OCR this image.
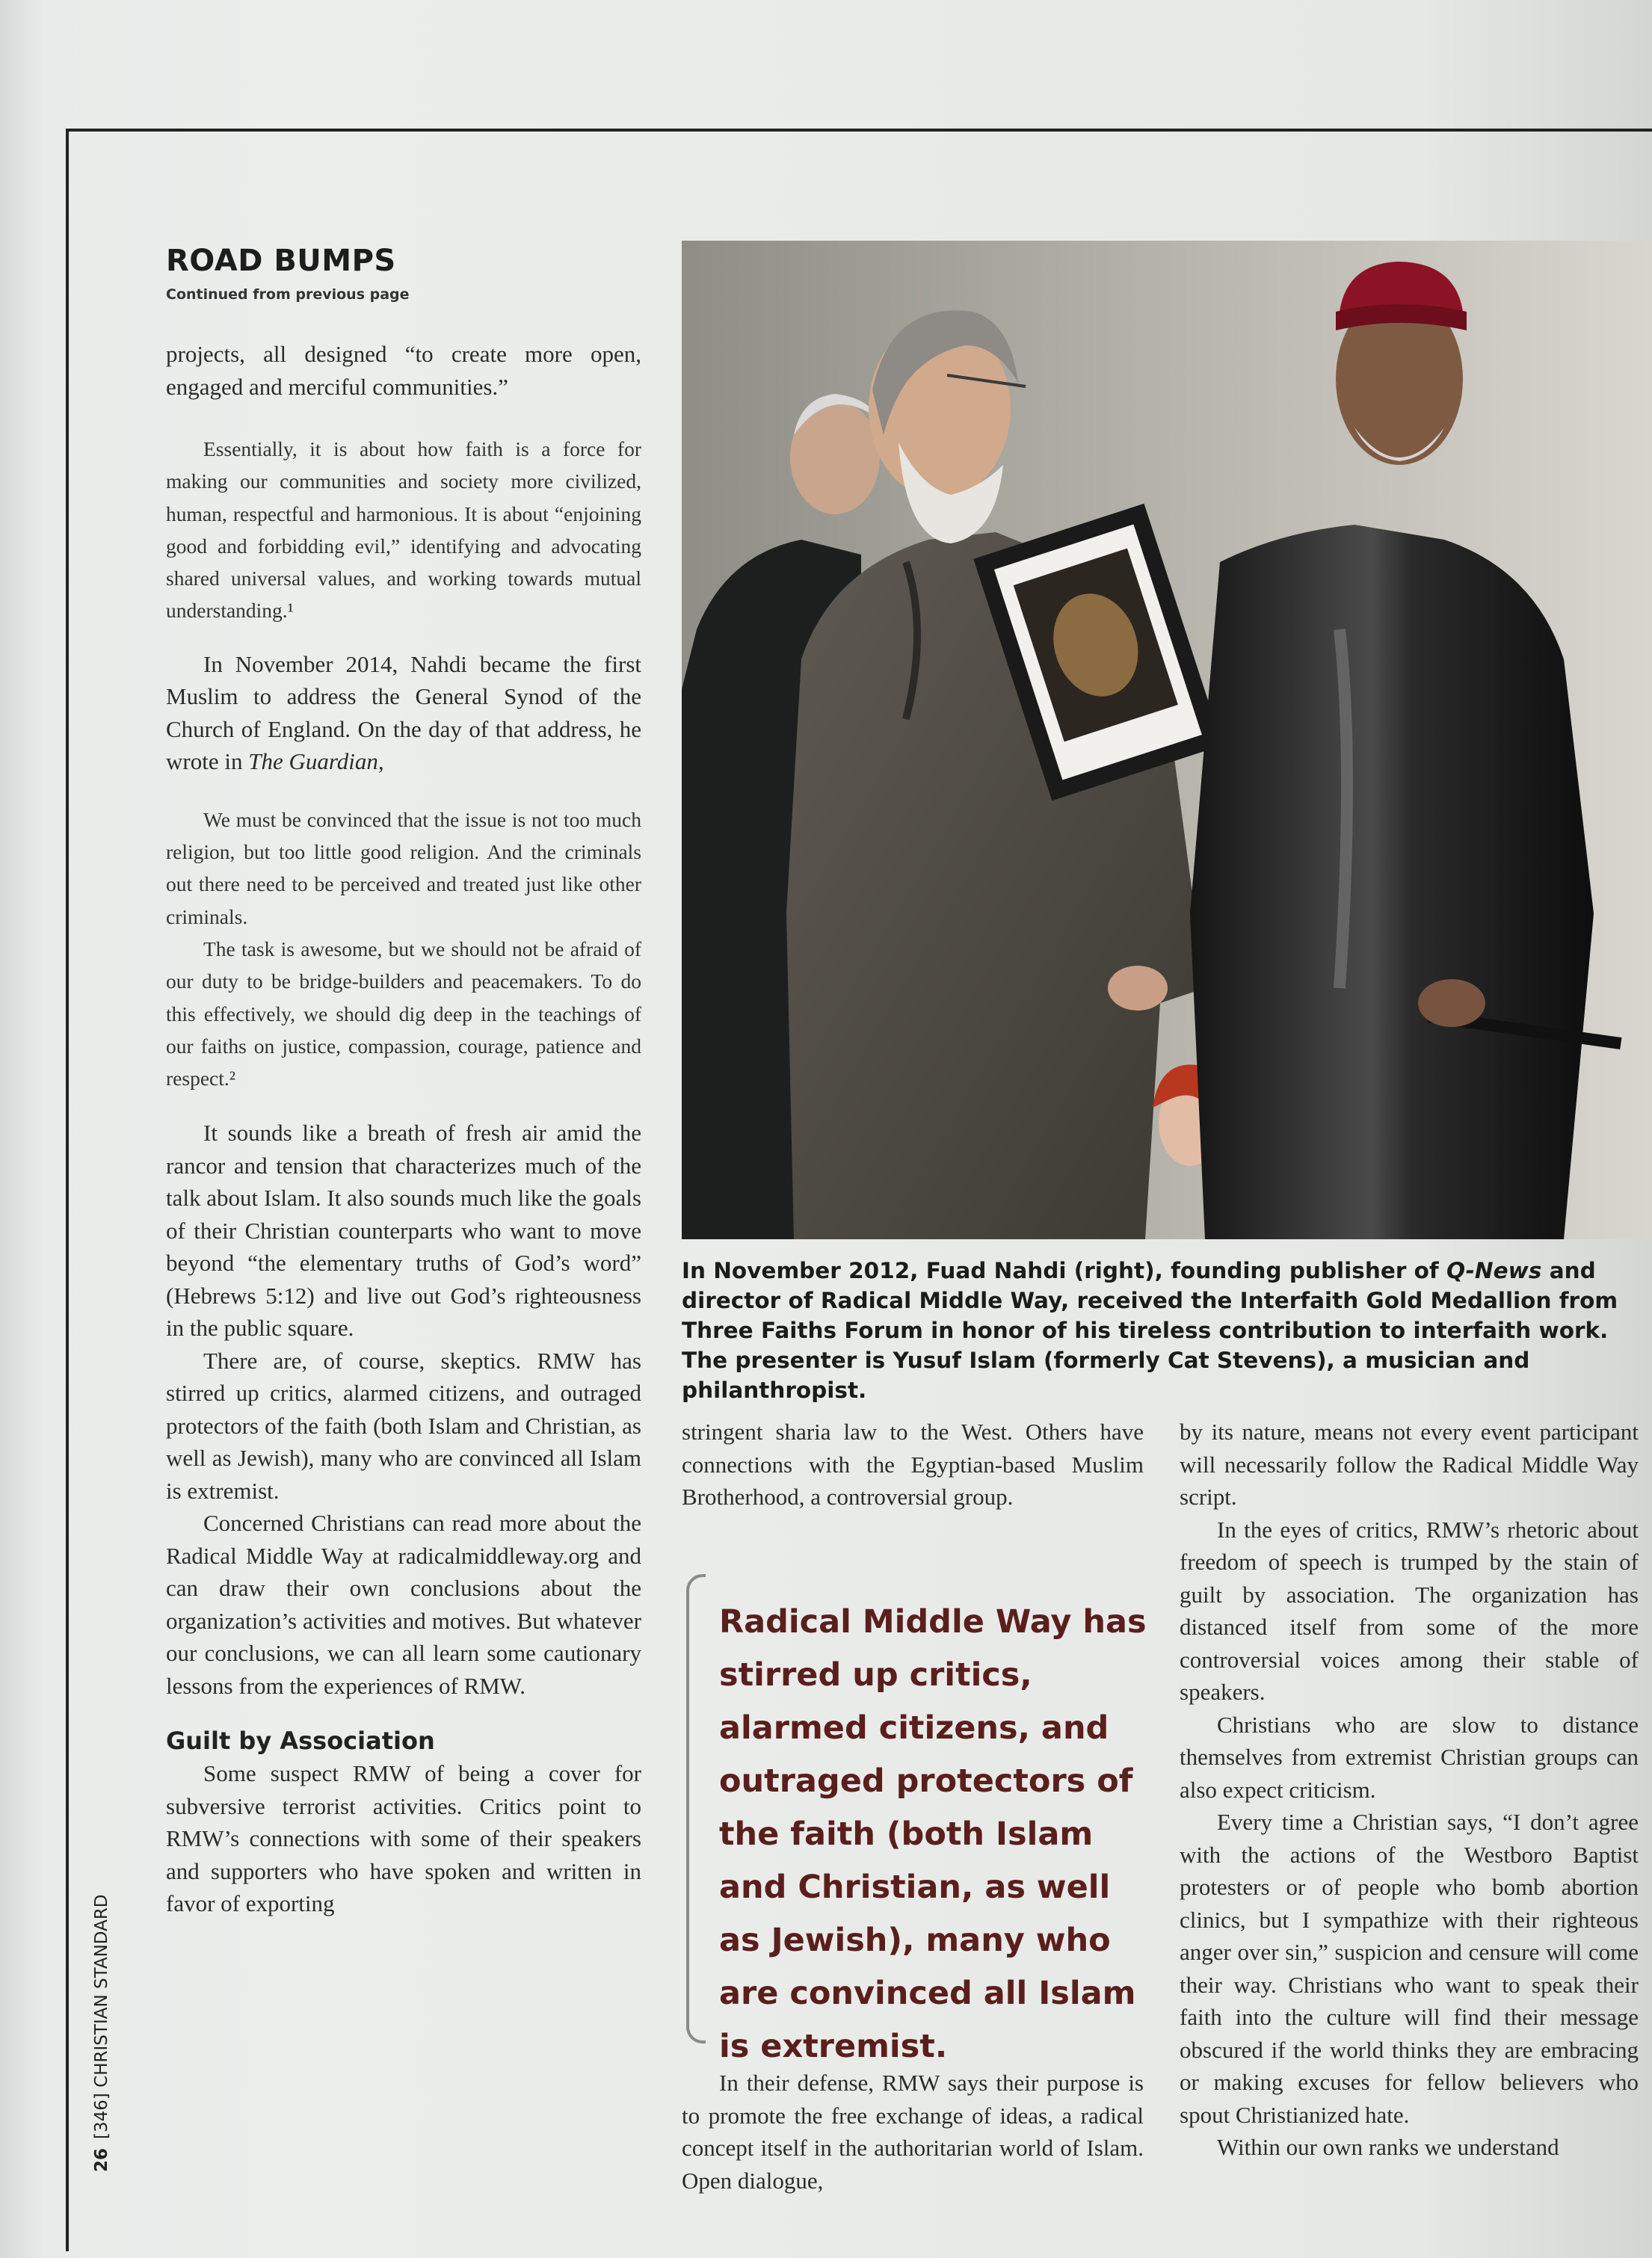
ROAD BUMPS
Continued from previous page

projects, all designed “to create more open, engaged and merciful communities.”

Essentially, it is about how faith is a force for making our communities and society more civilized, human, respectful and harmonious. It is about “enjoining good and forbidding evil,” identifying and advocating shared universal values, and working towards mutual understanding.¹

In November 2014, Nahdi became the first Muslim to address the General Synod of the Church of England. On the day of that address, he wrote in The Guardian,

We must be convinced that the issue is not too much religion, but too little good religion. And the criminals out there need to be perceived and treated just like other criminals.

The task is awesome, but we should not be afraid of our duty to be bridge-builders and peacemakers. To do this effectively, we should dig deep in the teachings of our faiths on justice, compassion, courage, patience and respect.²

It sounds like a breath of fresh air amid the rancor and tension that characterizes much of the talk about Islam. It also sounds much like the goals of their Christian counterparts who want to move beyond “the elementary truths of God’s word” (Hebrews 5:12) and live out God’s righteousness in the public square.

There are, of course, skeptics. RMW has stirred up critics, alarmed citizens, and outraged protectors of the faith (both Islam and Christian, as well as Jewish), many who are convinced all Islam is extremist.

Concerned Christians can read more about the Radical Middle Way at radicalmiddleway.org and can draw their own conclusions about the organization’s activities and motives. But whatever our conclusions, we can all learn some cautionary lessons from the experiences of RMW.

Guilt by Association

Some suspect RMW of being a cover for subversive terrorist activities. Critics point to RMW’s connections with some of their speakers and supporters who have spoken and written in favor of exporting

In November 2012, Fuad Nahdi (right), founding publisher of Q-News and director of Radical Middle Way, received the Interfaith Gold Medallion from Three Faiths Forum in honor of his tireless contribution to interfaith work. The presenter is Yusuf Islam (formerly Cat Stevens), a musician and philanthropist.

stringent sharia law to the West. Others have connections with the Egyptian-based Muslim Brotherhood, a controversial group.

Radical Middle Way has stirred up critics, alarmed citizens, and outraged protectors of the faith (both Islam and Christian, as well as Jewish), many who are convinced all Islam is extremist.

In their defense, RMW says their purpose is to promote the free exchange of ideas, a radical concept itself in the authoritarian world of Islam. Open dialogue,

by its nature, means not every event participant will necessarily follow the Radical Middle Way script.

In the eyes of critics, RMW’s rhetoric about freedom of speech is trumped by the stain of guilt by association. The organization has distanced itself from some of the more controversial voices among their stable of speakers.

Christians who are slow to distance themselves from extremist Christian groups can also expect criticism.

Every time a Christian says, “I don’t agree with the actions of the Westboro Baptist protesters or of people who bomb abortion clinics, but I sympathize with their righteous anger over sin,” suspicion and censure will come their way. Christians who want to speak their faith into the culture will find their message obscured if the world thinks they are embracing or making excuses for fellow believers who spout Christianized hate.

Within our own ranks we understand

26[346] CHRISTIAN STANDARD
